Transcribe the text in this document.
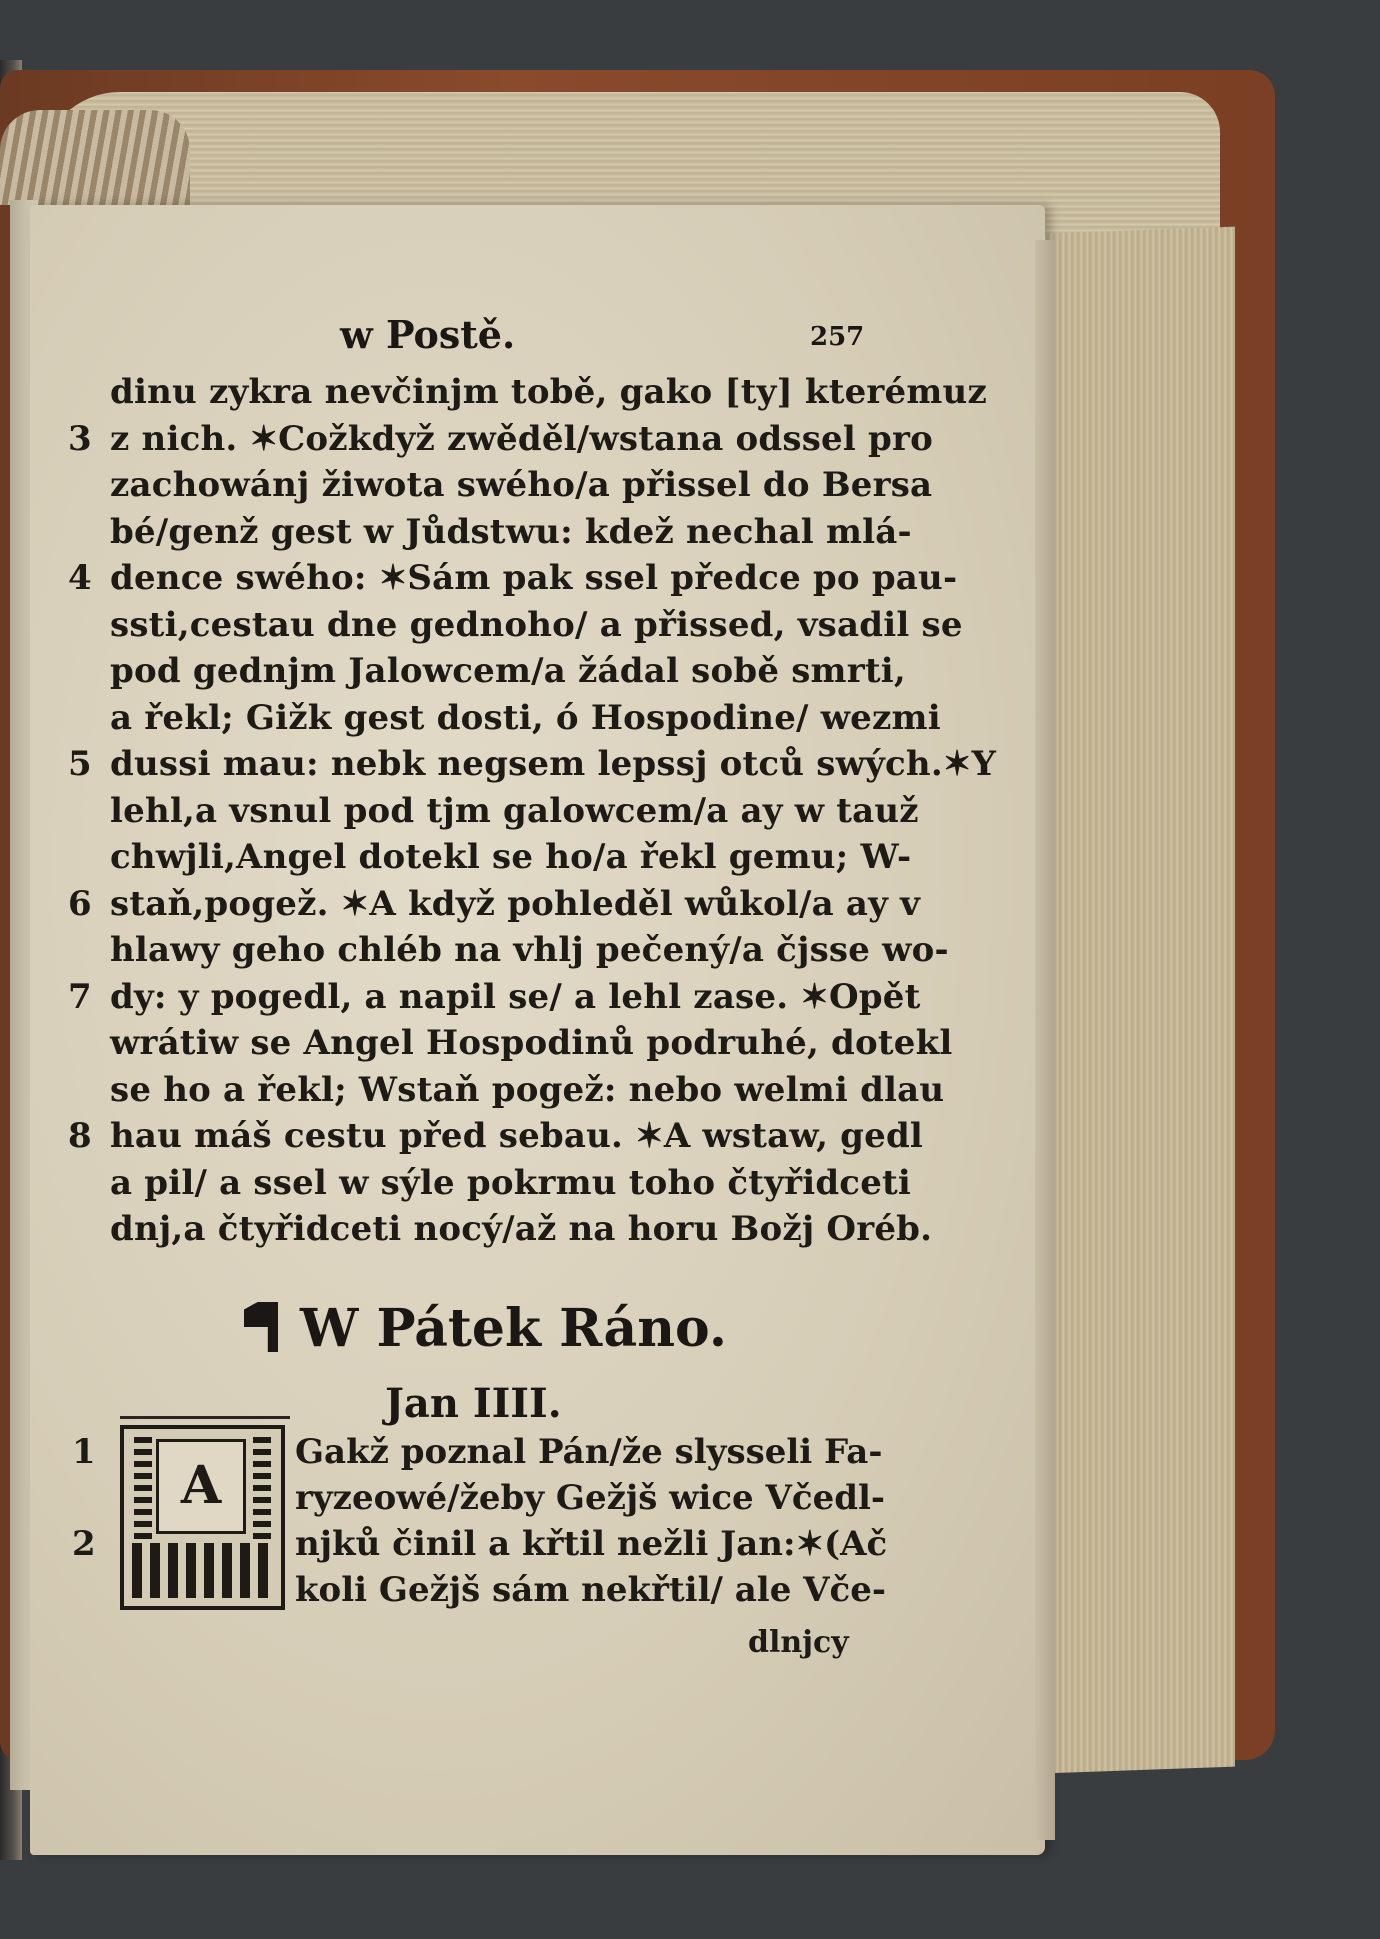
w Postě.	257
dinu zykra nevčinjm tobě, gako [ty] kterémuz
3 z nich. ✶Cožkdyž zwěděl/wstana odssel pro
zachowánj žiwota swého/a přissel do Bersa
bé/genž gest w Jůdstwu: kdež nechal mlá-
4 dence swého: ✶Sám pak ssel předce po pau-
ssti,cestau dne gednoho/ a přissed, vsadil se
pod gednjm Jalowcem/a žádal sobě smrti,
a řekl; Gižk gest dosti, ó Hospodine/ wezmi
5 dussi mau: nebk negsem lepssj otců swých.✶Y
lehl,a vsnul pod tjm galowcem/a ay w tauž
chwjli,Angel dotekl se ho/a řekl gemu; W-
6 staň,pogež. ✶A když pohleděl wůkol/a ay v
hlawy geho chléb na vhlj pečený/a čjsse wo-
7 dy: y pogedl, a napil se/ a lehl zase. ✶Opět
wrátiw se Angel Hospodinů podruhé, dotekl
se ho a řekl; Wstaň pogež: nebo welmi dlau
8 hau máš cestu před sebau. ✶A wstaw, gedl
a pil/ a ssel w sýle pokrmu toho čtyřidceti
dnj,a čtyřidceti nocý/až na horu Božj Oréb.
W Pátek Ráno.
Jan IIII.
A
1	Gakž poznal Pán/že slysseli Fa-
ryzeowé/žeby Gežjš wice Včedl-
2	njků činil a křtil nežli Jan:✶(Ač
koli Gežjš sám nekřtil/ ale Vče-
dlnjcy
